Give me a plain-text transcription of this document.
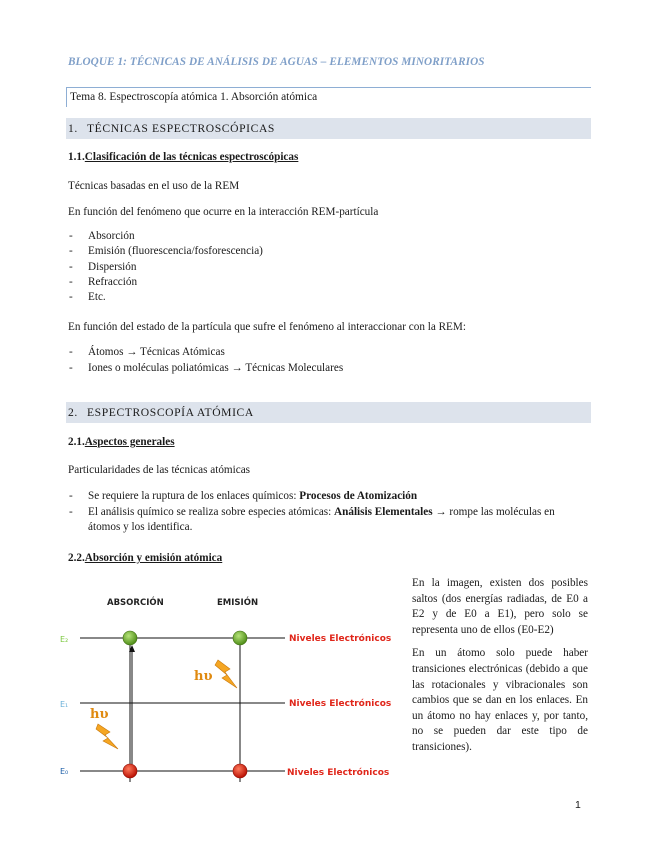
BLOQUE 1: TÉCNICAS DE ANÁLISIS DE AGUAS – ELEMENTOS MINORITARIOS
Tema 8. Espectroscopía atómica 1. Absorción atómica
1. TÉCNICAS ESPECTROSCÓPICAS
1.1.Clasificación de las técnicas espectroscópicas
Técnicas basadas en el uso de la REM
En función del fenómeno que ocurre en la interacción REM-partícula
- Absorción
- Emisión (fluorescencia/fosforescencia)
- Dispersión
- Refracción
- Etc.
En función del estado de la partícula que sufre el fenómeno al interaccionar con la REM:
- Átomos → Técnicas Atómicas
- Iones o moléculas poliatómicas → Técnicas Moleculares
2. ESPECTROSCOPÍA ATÓMICA
2.1.Aspectos generales
Particularidades de las técnicas atómicas
- Se requiere la ruptura de los enlaces químicos: Procesos de Atomización
- El análisis químico se realiza sobre especies atómicas: Análisis Elementales → rompe las moléculas en átomos y los identifica.
2.2.Absorción y emisión atómica
ABSORCIÓN	EMISIÓN
E₂
E₁
E₀
Niveles Electrónicos
Niveles Electrónicos
Niveles Electrónicos
hυ
hυ

En la imagen, existen dos posibles saltos (dos energías radiadas, de E0 a E2 y de E0 a E1), pero solo se representa uno de ellos (E0-E2)

En un átomo solo puede haber transiciones electrónicas (debido a que las rotacionales y vibracionales son cambios que se dan en los enlaces. En un átomo no hay enlaces y, por tanto, no se pueden dar este tipo de transiciones).

1
